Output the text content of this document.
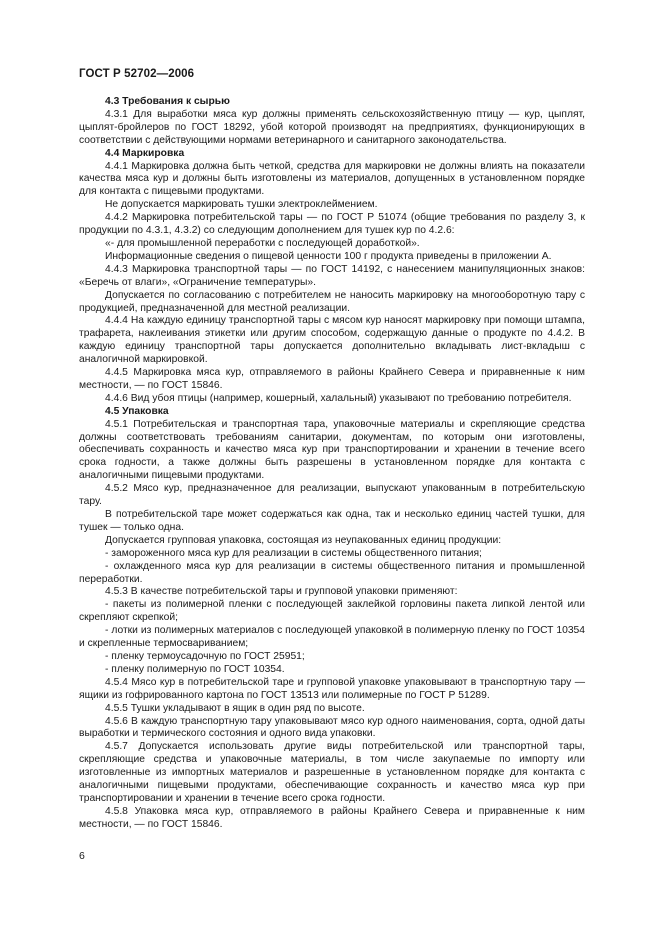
ГОСТ Р 52702—2006
4.3 Требования к сырью
4.3.1 Для выработки мяса кур должны применять сельскохозяйственную птицу — кур, цыплят, цыплят-бройлеров по ГОСТ 18292, убой которой производят на предприятиях, функционирующих в соответствии с действующими нормами ветеринарного и санитарного законодательства.
4.4 Маркировка
4.4.1 Маркировка должна быть четкой, средства для маркировки не должны влиять на показатели качества мяса кур и должны быть изготовлены из материалов, допущенных в установленном порядке для контакта с пищевыми продуктами.
Не допускается маркировать тушки электроклеймением.
4.4.2 Маркировка потребительской тары — по ГОСТ Р 51074 (общие требования по разделу 3, к продукции по 4.3.1, 4.3.2) со следующим дополнением для тушек кур по 4.2.6:
«- для промышленной переработки с последующей доработкой».
Информационные сведения о пищевой ценности 100 г продукта приведены в приложении А.
4.4.3 Маркировка транспортной тары — по ГОСТ 14192, с нанесением манипуляционных знаков: «Беречь от влаги», «Ограничение температуры».
Допускается по согласованию с потребителем не наносить маркировку на многооборотную тару с продукцией, предназначенной для местной реализации.
4.4.4 На каждую единицу транспортной тары с мясом кур наносят маркировку при помощи штампа, трафарета, наклеивания этикетки или другим способом, содержащую данные о продукте по 4.4.2. В каждую единицу транспортной тары допускается дополнительно вкладывать лист-вкладыш с аналогичной маркировкой.
4.4.5 Маркировка мяса кур, отправляемого в районы Крайнего Севера и приравненные к ним местности, — по ГОСТ 15846.
4.4.6 Вид убоя птицы (например, кошерный, халальный) указывают по требованию потребителя.
4.5 Упаковка
4.5.1 Потребительская и транспортная тара, упаковочные материалы и скрепляющие средства должны соответствовать требованиям санитарии, документам, по которым они изготовлены, обеспечивать сохранность и качество мяса кур при транспортировании и хранении в течение всего срока годности, а также должны быть разрешены в установленном порядке для контакта с аналогичными пищевыми продуктами.
4.5.2 Мясо кур, предназначенное для реализации, выпускают упакованным в потребительскую тару.
В потребительской таре может содержаться как одна, так и несколько единиц частей тушки, для тушек — только одна.
Допускается групповая упаковка, состоящая из неупакованных единиц продукции:
- замороженного мяса кур для реализации в системы общественного питания;
- охлажденного мяса кур для реализации в системы общественного питания и промышленной переработки.
4.5.3 В качестве потребительской тары и групповой упаковки применяют:
- пакеты из полимерной пленки с последующей заклейкой горловины пакета липкой лентой или скрепляют скрепкой;
- лотки из полимерных материалов с последующей упаковкой в полимерную пленку по ГОСТ 10354 и скрепленные термосвариванием;
- пленку термоусадочную по ГОСТ 25951;
- пленку полимерную по ГОСТ 10354.
4.5.4 Мясо кур в потребительской таре и групповой упаковке упаковывают в транспортную тару — ящики из гофрированного картона по ГОСТ 13513 или полимерные по ГОСТ Р 51289.
4.5.5 Тушки укладывают в ящик в один ряд по высоте.
4.5.6 В каждую транспортную тару упаковывают мясо кур одного наименования, сорта, одной даты выработки и термического состояния и одного вида упаковки.
4.5.7 Допускается использовать другие виды потребительской или транспортной тары, скрепляющие средства и упаковочные материалы, в том числе закупаемые по импорту или изготовленные из импортных материалов и разрешенные в установленном порядке для контакта с аналогичными пищевыми продуктами, обеспечивающие сохранность и качество мяса кур при транспортировании и хранении в течение всего срока годности.
4.5.8 Упаковка мяса кур, отправляемого в районы Крайнего Севера и приравненные к ним местности, — по ГОСТ 15846.
6
